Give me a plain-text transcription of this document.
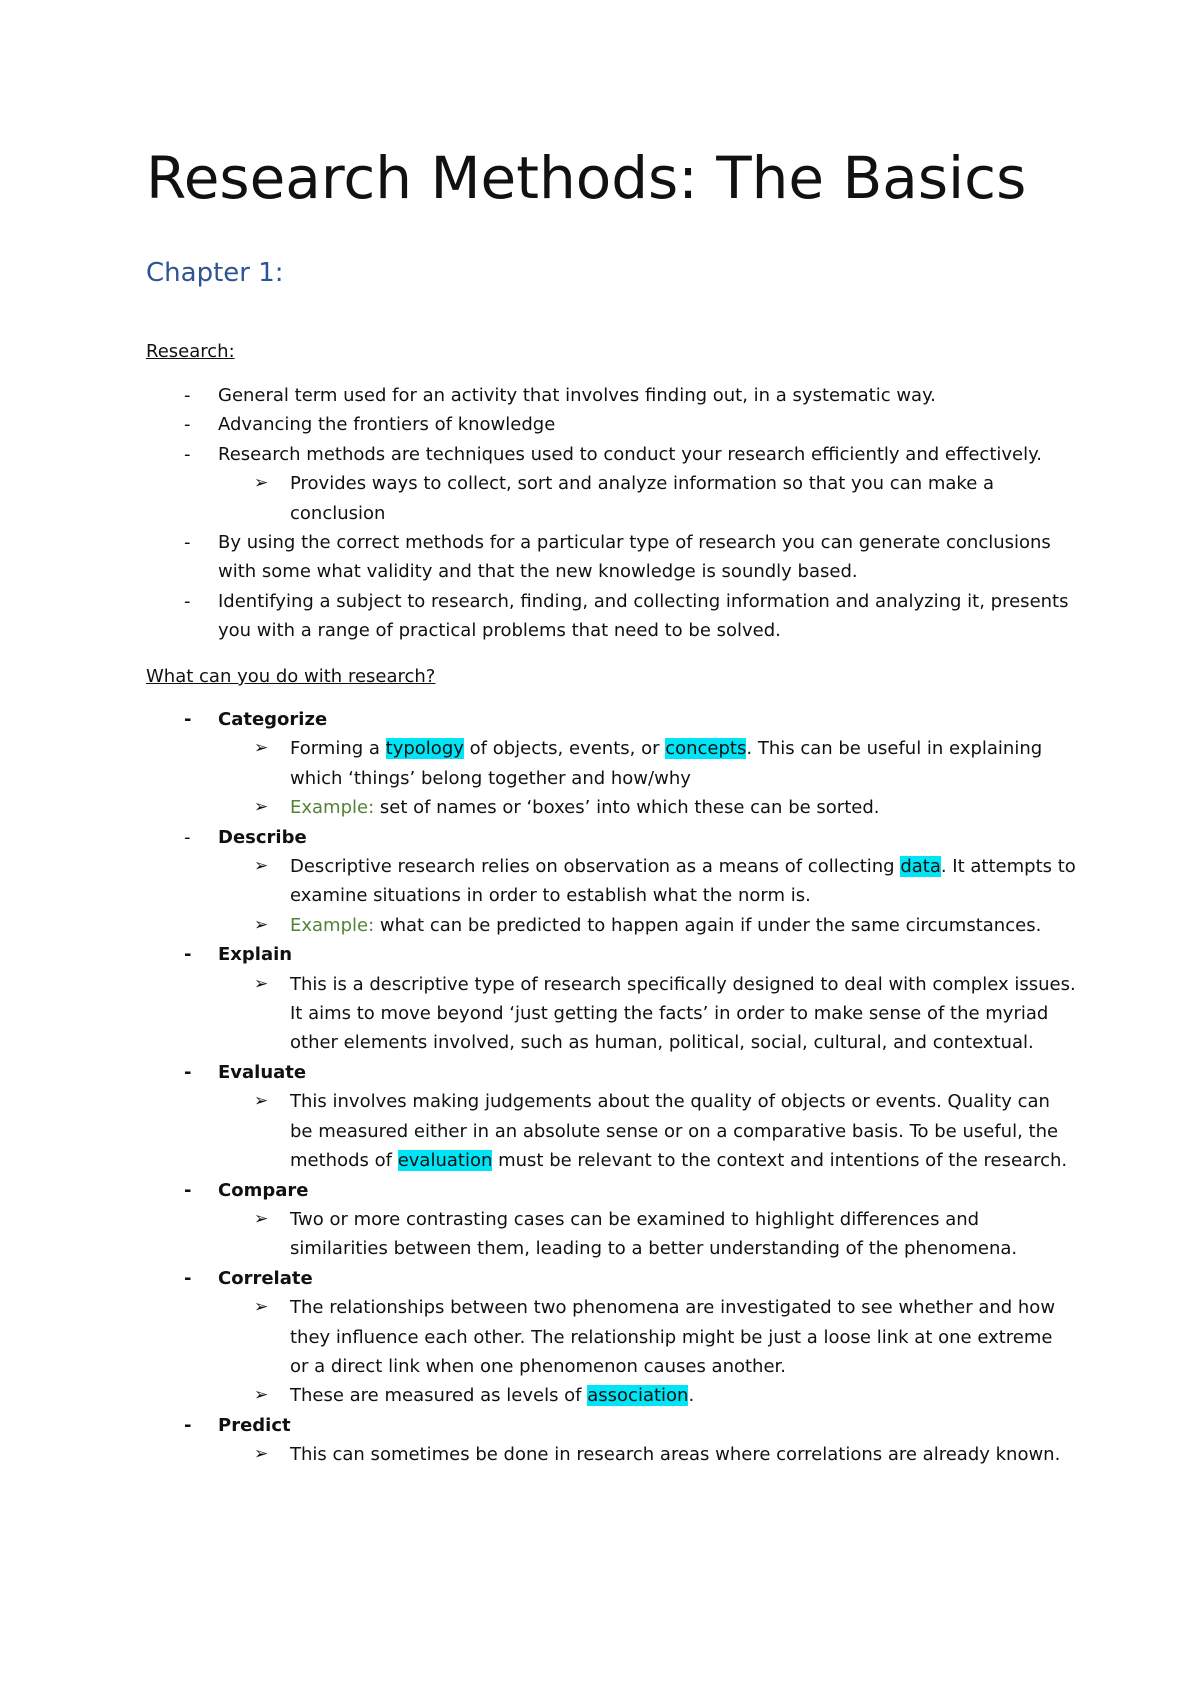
Research Methods: The Basics
Chapter 1:
Research:
- General term used for an activity that involves finding out, in a systematic way.
- Advancing the frontiers of knowledge
- Research methods are techniques used to conduct your research efficiently and effectively.
➢ Provides ways to collect, sort and analyze information so that you can make a conclusion
- By using the correct methods for a particular type of research you can generate conclusions with some what validity and that the new knowledge is soundly based.
- Identifying a subject to research, finding, and collecting information and analyzing it, presents you with a range of practical problems that need to be solved.
What can you do with research?
- Categorize
➢ Forming a typology of objects, events, or concepts. This can be useful in explaining which ‘things’ belong together and how/why
➢ Example: set of names or ‘boxes’ into which these can be sorted.
- Describe
➢ Descriptive research relies on observation as a means of collecting data. It attempts to examine situations in order to establish what the norm is.
➢ Example: what can be predicted to happen again if under the same circumstances.
- Explain
➢ This is a descriptive type of research specifically designed to deal with complex issues. It aims to move beyond ‘just getting the facts’ in order to make sense of the myriad other elements involved, such as human, political, social, cultural, and contextual.
- Evaluate
➢ This involves making judgements about the quality of objects or events. Quality can be measured either in an absolute sense or on a comparative basis. To be useful, the methods of evaluation must be relevant to the context and intentions of the research.
- Compare
➢ Two or more contrasting cases can be examined to highlight differences and similarities between them, leading to a better understanding of the phenomena.
- Correlate
➢ The relationships between two phenomena are investigated to see whether and how they influence each other. The relationship might be just a loose link at one extreme or a direct link when one phenomenon causes another.
➢ These are measured as levels of association.
- Predict
➢ This can sometimes be done in research areas where correlations are already known.
